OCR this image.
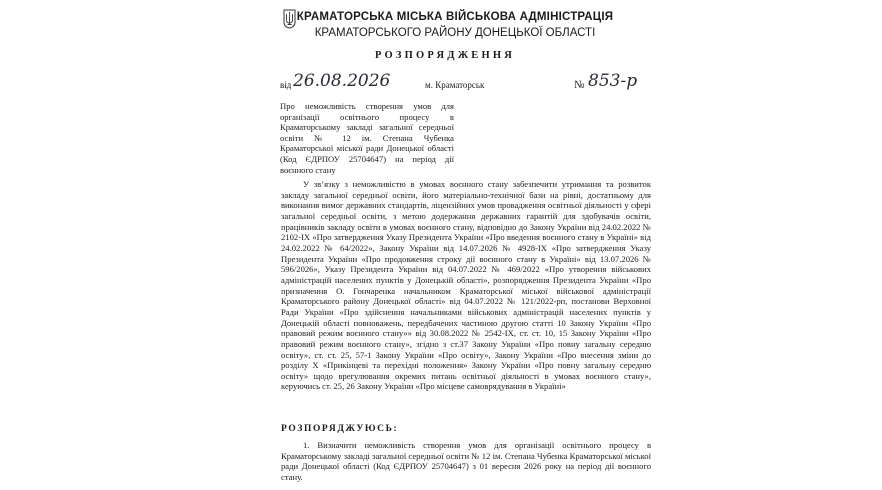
КРАМАТОРСЬКА МІСЬКА ВІЙСЬКОВА АДМІНІСТРАЦІЯ
КРАМАТОРСЬКОГО РАЙОНУ ДОНЕЦЬКОЇ ОБЛАСТІ
РОЗПОРЯДЖЕННЯ
від 26.08.2026	м. Краматорськ	№ 853-р
Про неможливість створення умов для організації освітнього процесу в Краматорському закладі загальної середньої освіти № 12 ім. Степана Чубенка Краматорської міської ради Донецької області (Код ЄДРПОУ 25704647) на період дії воєнного стану
У зв’язку з неможливістю в умовах воєнного стану забезпечити утримання та розвиток закладу загальної середньої освіти, його матеріально-технічної бази на рівні, достатньому для виконання вимог державних стандартів, ліцензійних умов провадження освітньої діяльності у сфері загальної середньої освіти, з метою додержання державних гарантій для здобувачів освіти, працівників закладу освіти в умовах воєнного стану, відповідно до Закону України від 24.02.2022 № 2102-ІХ «Про затвердження Указу Президента України «Про введення воєнного стану в Україні» від 24.02.2022 № 64/2022», Закону України від 14.07.2026 № 4928-ІХ «Про затвердження Указу Президента України «Про продовження строку дії воєнного стану в Україні» від 13.07.2026 № 596/2026», Указу Президента України від 04.07.2022 № 469/2022 «Про утворення військових адміністрацій населених пунктів у Донецькій області», розпорядження Президента України «Про призначення О. Гончаренка начальником Краматорської міської військової адміністрації Краматорського району Донецької області» від 04.07.2022 № 121/2022-рп, постанови Верховної Ради України «Про здійснення начальниками військових адміністрацій населених пунктів у Донецькій області повноважень, передбачених частиною другою статті 10 Закону України «Про правовий режим воєнного стану»» від 30.08.2022 № 2542-ІХ, ст. ст. 10, 15 Закону України «Про правовий режим воєнного стану», згідно з ст.37 Закону України «Про повну загальну середню освіту», ст. ст. 25, 57-1 Закону України «Про освіту», Закону України «Про внесення зміни до розділу Х «Прикінцеві та перехідні положення» Закону України «Про повну загальну середню освіту» щодо врегулювання окремих питань освітньої діяльності в умовах воєнного стану», керуючись ст. 25, 26 Закону України «Про місцеве самоврядування в Україні»
РОЗПОРЯДЖУЮСЬ:
1. Визначити неможливість створення умов для організації освітнього процесу в Краматорському закладі загальної середньої освіти № 12 ім. Степана Чубенка Краматорської міської ради Донецької області (Код ЄДРПОУ 25704647) з 01 вересня 2026 року на період дії воєнного стану.
